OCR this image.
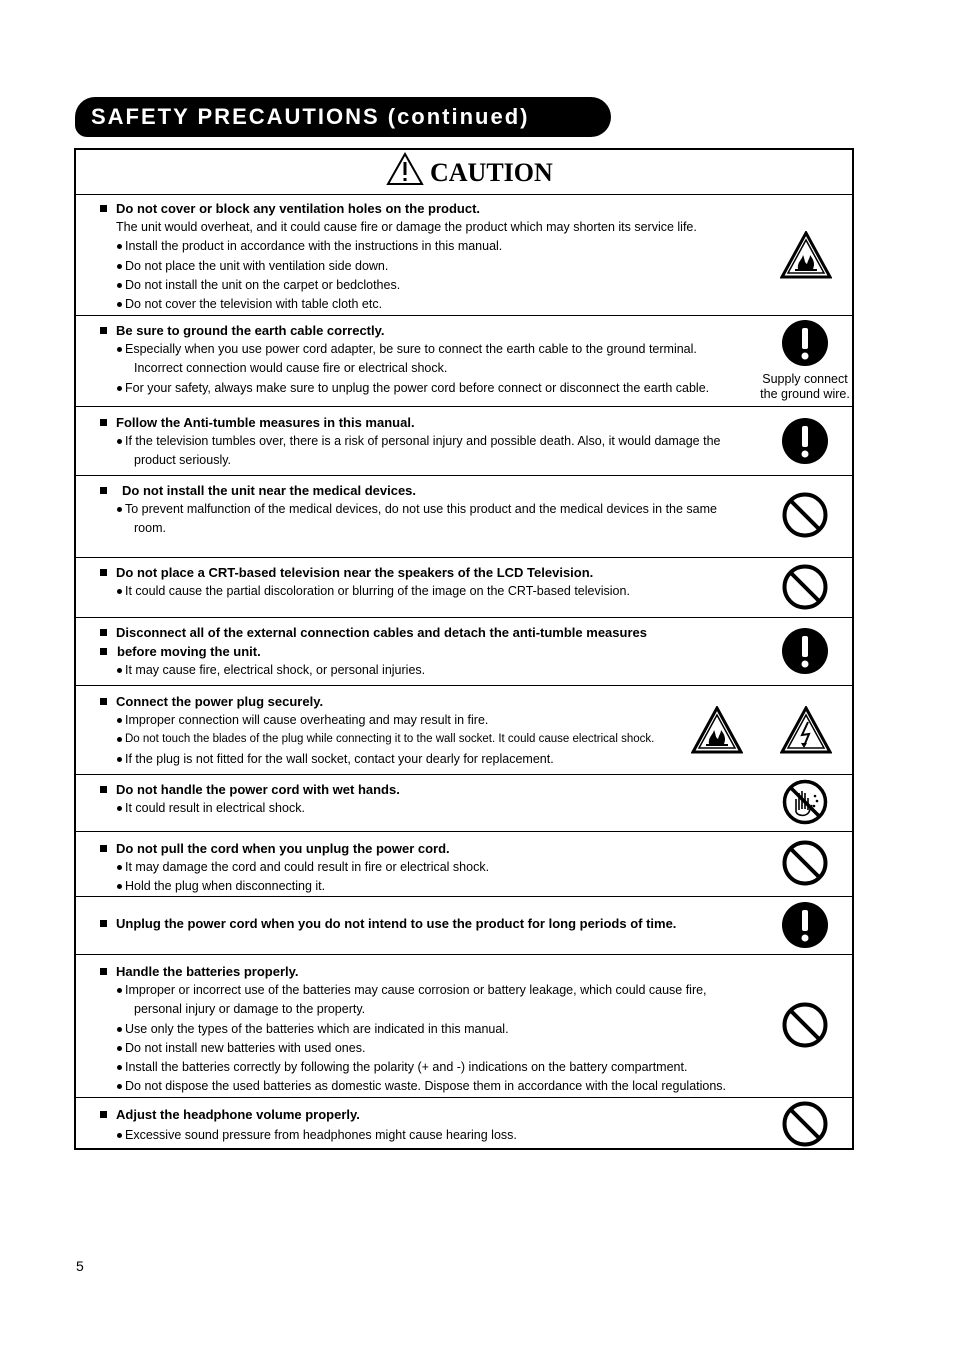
SAFETY PRECAUTIONS (continued)
CAUTION
Do not cover or block any ventilation holes on the product.
The unit would overheat, and it could cause fire or damage the product which may shorten its service life.
Install the product in accordance with the instructions in this manual.
Do not place the unit with ventilation side down.
Do not install the unit on the carpet or bedclothes.
Do not cover the television with table cloth etc.
Be sure to ground the earth cable correctly.
Especially when you use power cord adapter, be sure to connect the earth cable to the ground terminal.
Incorrect connection would cause fire or electrical shock.
For your safety, always make sure to unplug the power cord before connect or disconnect the earth cable.
Supply connect
the ground wire.
Follow the Anti-tumble measures in this manual.
If the television tumbles over, there is a risk of personal injury and possible death. Also, it would damage the
product seriously.
Do not install the unit near the medical devices.
To prevent malfunction of the medical devices, do not use this product and the medical devices in the same
room.
Do not place a CRT-based television near the speakers of the LCD Television.
It could cause the partial discoloration or blurring of the image on the CRT-based television.
Disconnect all of the external connection cables and detach the anti-tumble measures
before moving the unit.
It may cause fire, electrical shock, or personal injuries.
Connect the power plug securely.
Improper connection will cause overheating and may result in fire.
Do not touch the blades of the plug while connecting it to the wall socket. It could cause electrical shock.
If the plug is not fitted for the wall socket, contact your dearly for replacement.
Do not handle the power cord with wet hands.
It could result in electrical shock.
Do not pull the cord when you unplug the power cord.
It may damage the cord and could result in fire or electrical shock.
Hold the plug when disconnecting it.
Unplug the power cord when you do not intend to use the product for long periods of time.
Handle the batteries properly.
Improper or incorrect use of the batteries may cause corrosion or battery leakage, which could cause fire,
personal injury or damage to the property.
Use only the types of the batteries which are indicated in this manual.
Do not install new batteries with used ones.
Install the batteries correctly by following the polarity (+ and -) indications on the battery compartment.
Do not dispose the used batteries as domestic waste. Dispose them in accordance with the local regulations.
Adjust the headphone volume properly.
Excessive sound pressure from headphones might cause hearing loss.
5
